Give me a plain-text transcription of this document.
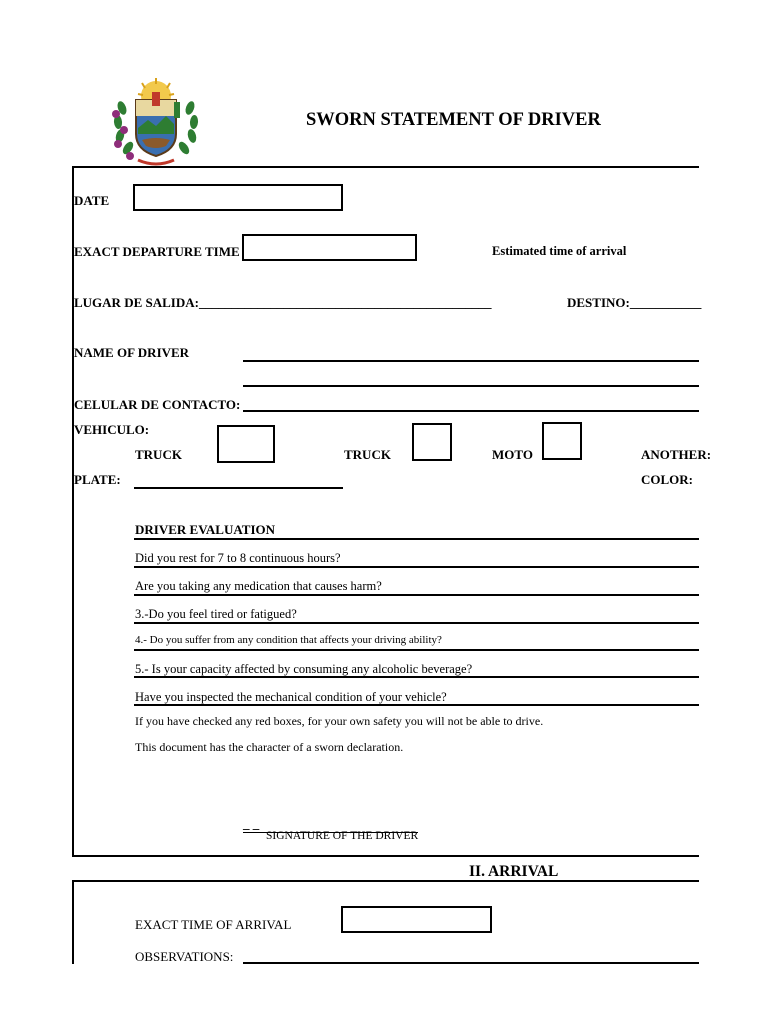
SWORN STATEMENT OF DRIVER
DATE
EXACT DEPARTURE TIME	Estimated time of arrival
LUGAR DE SALIDA:_____________________________________________	DESTINO:___________
NAME OF DRIVER
CELULAR DE CONTACTO:
VEHICULO:
TRUCK	TRUCK	MOTO	ANOTHER:
PLATE:	COLOR:
DRIVER EVALUATION
Did you rest for 7 to 8 continuous hours?
Are you taking any medication that causes harm?
3.-Do you feel tired or fatigued?
4.- Do you suffer from any condition that affects your driving ability?
5.- Is your capacity affected by consuming any alcoholic beverage?
Have you inspected the mechanical condition of your vehicle?
If you have checked any red boxes, for your own safety you will not be able to drive.
This document has the character of a sworn declaration.
_ _
SIGNATURE OF THE DRIVER
II. ARRIVAL
EXACT TIME OF ARRIVAL
OBSERVATIONS:
